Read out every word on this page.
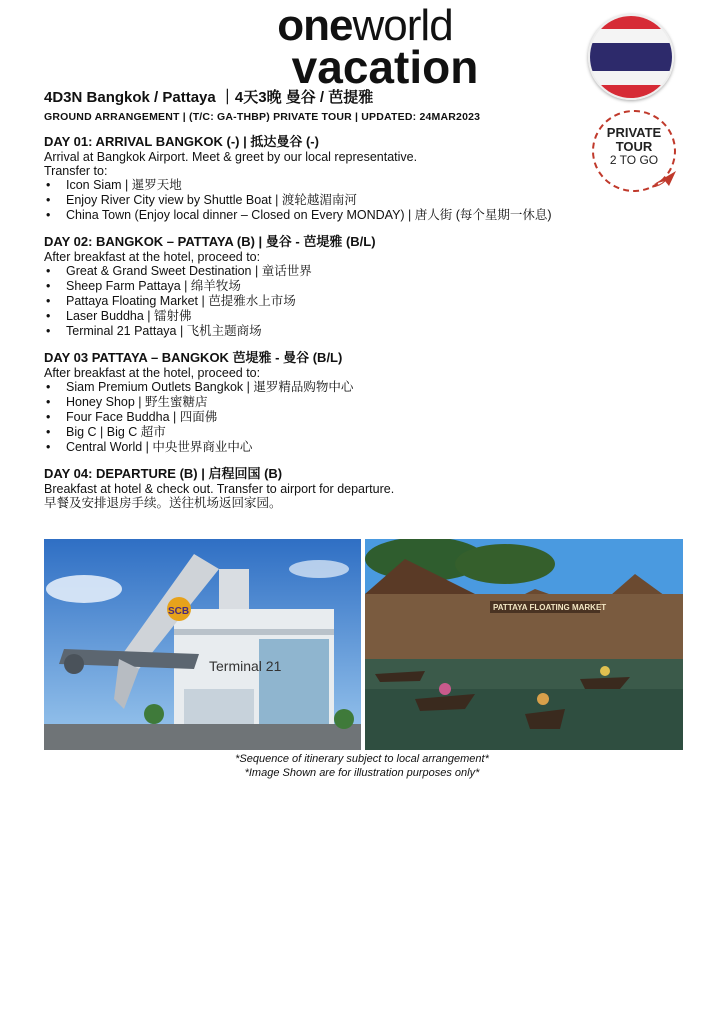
oneworld
vacation
PRIVATE
TOUR
2 TO GO
4D3N Bangkok / Pattaya ｜4天3晚 曼谷 / 芭提雅
GROUND ARRANGEMENT | (T/C: GA-THBP) PRIVATE TOUR | UPDATED: 24MAR2023
DAY 01: ARRIVAL BANGKOK (-) | 抵达曼谷 (-)

Arrival at Bangkok Airport. Meet & greet by our local representative.

Transfer to:

• Icon Siam | 暹罗天地
• Enjoy River City view by Shuttle Boat | 渡轮越湄南河
• China Town (Enjoy local dinner – Closed on Every MONDAY) | 唐人街 (每个星期一休息)
DAY 02: BANGKOK – PATTAYA (B) | 曼谷 - 芭堤雅 (B/L)

After breakfast at the hotel, proceed to:

• Great & Grand Sweet Destination | 童话世界
• Sheep Farm Pattaya | 绵羊牧场
• Pattaya Floating Market | 芭提雅水上市场
• Laser Buddha | 镭射佛
• Terminal 21 Pattaya | 飞机主题商场
DAY 03 PATTAYA – BANGKOK 芭堤雅 - 曼谷 (B/L)

After breakfast at the hotel, proceed to:

• Siam Premium Outlets Bangkok | 暹罗精品购物中心
• Honey Shop | 野生蜜糖店
• Four Face Buddha | 四面佛
• Big C | Big C 超市
• Central World | 中央世界商业中心
DAY 04: DEPARTURE (B) | 启程回国 (B)

Breakfast at hotel & check out. Transfer to airport for departure.

早餐及安排退房手续。送往机场返回家园。

Terminal 21
SCB	PATTAYA FLOATING MARKET
*Sequence of itinerary subject to local arrangement*
*Image Shown are for illustration purposes only*
